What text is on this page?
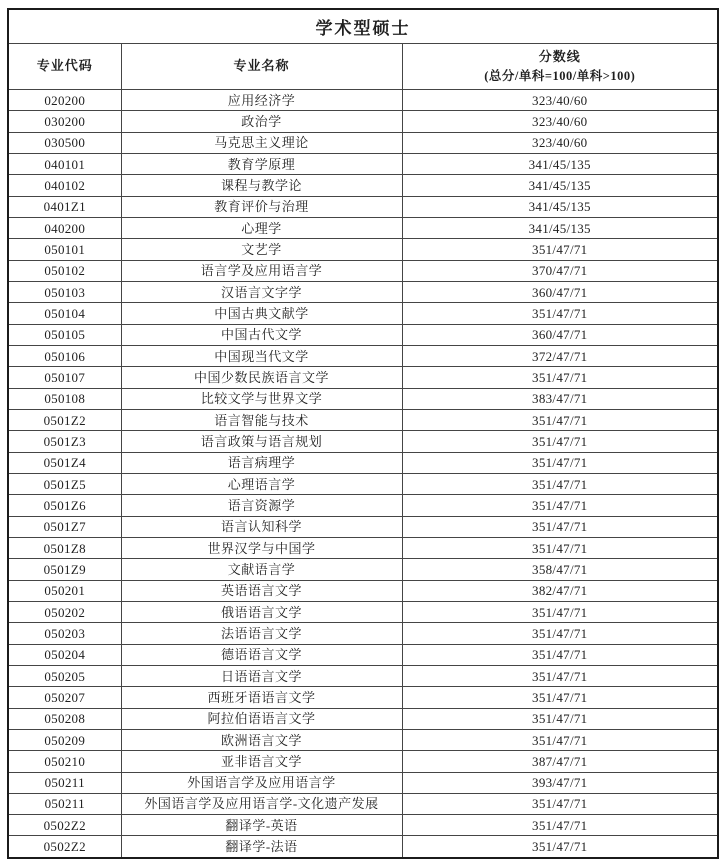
学术型硕士		
专业代码	专业名称	分数线
(总分/单科=100/单科>100)

020200	应用经济学	323/40/60
030200	政治学	323/40/60
030500	马克思主义理论	323/40/60
040101	教育学原理	341/45/135
040102	课程与教学论	341/45/135
0401Z1	教育评价与治理	341/45/135
040200	心理学	341/45/135
050101	文艺学	351/47/71
050102	语言学及应用语言学	370/47/71
050103	汉语言文字学	360/47/71
050104	中国古典文献学	351/47/71
050105	中国古代文学	360/47/71
050106	中国现当代文学	372/47/71
050107	中国少数民族语言文学	351/47/71
050108	比较文学与世界文学	383/47/71
0501Z2	语言智能与技术	351/47/71
0501Z3	语言政策与语言规划	351/47/71
0501Z4	语言病理学	351/47/71
0501Z5	心理语言学	351/47/71
0501Z6	语言资源学	351/47/71
0501Z7	语言认知科学	351/47/71
0501Z8	世界汉学与中国学	351/47/71
0501Z9	文献语言学	358/47/71
050201	英语语言文学	382/47/71
050202	俄语语言文学	351/47/71
050203	法语语言文学	351/47/71
050204	德语语言文学	351/47/71
050205	日语语言文学	351/47/71
050207	西班牙语语言文学	351/47/71
050208	阿拉伯语语言文学	351/47/71
050209	欧洲语言文学	351/47/71
050210	亚非语言文学	387/47/71
050211	外国语言学及应用语言学	393/47/71
050211	外国语言学及应用语言学-文化遗产发展	351/47/71
0502Z2	翻译学-英语	351/47/71
0502Z2	翻译学-法语	351/47/71
